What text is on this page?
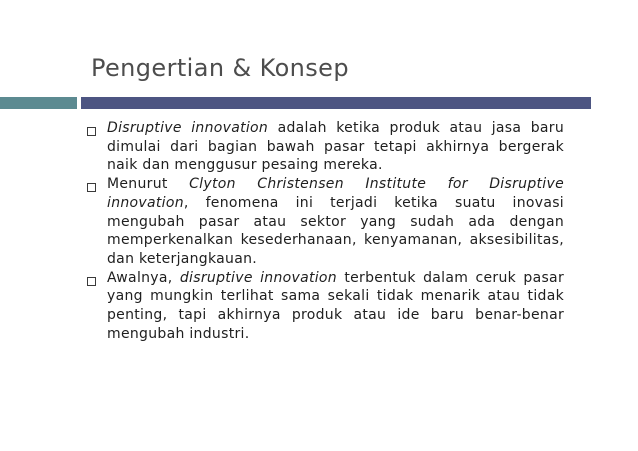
Pengertian & Konsep
Disruptive innovation adalah ketika produk atau jasa baru dimulai dari bagian bawah pasar tetapi akhirnya bergerak naik dan menggusur pesaing mereka.
Menurut Clyton Christensen Institute for Disruptive innovation, fenomena ini terjadi ketika suatu inovasi mengubah pasar atau sektor yang sudah ada dengan memperkenalkan kesederhanaan, kenyamanan, aksesibilitas, dan keterjangkauan.
Awalnya, disruptive innovation terbentuk dalam ceruk pasar yang mungkin terlihat sama sekali tidak menarik atau tidak penting, tapi akhirnya produk atau ide baru benar-benar mengubah industri.
